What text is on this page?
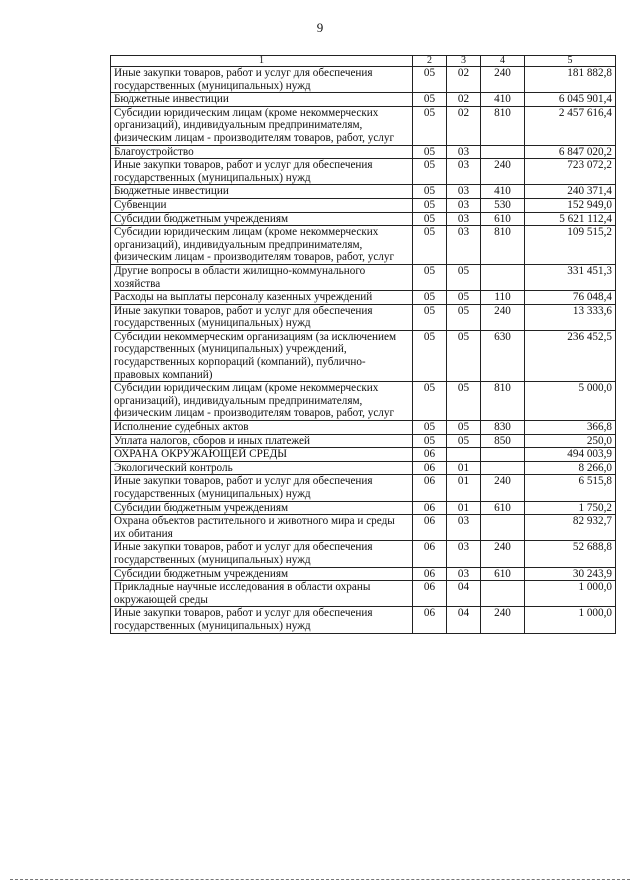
9
1	2	3	4	5
Иные закупки товаров, работ и услуг для обеспечения государственных (муниципальных) нужд	05	02	240	181 882,8
Бюджетные инвестиции	05	02	410	6 045 901,4
Субсидии юридическим лицам (кроме некоммерческих организаций), индивидуальным предпринимателям, физическим лицам - производителям товаров, работ, услуг	05	02	810	2 457 616,4
Благоустройство	05	03		6 847 020,2
Иные закупки товаров, работ и услуг для обеспечения государственных (муниципальных) нужд	05	03	240	723 072,2
Бюджетные инвестиции	05	03	410	240 371,4
Субвенции	05	03	530	152 949,0
Субсидии бюджетным учреждениям	05	03	610	5 621 112,4
Субсидии юридическим лицам (кроме некоммерческих организаций), индивидуальным предпринимателям, физическим лицам - производителям товаров, работ, услуг	05	03	810	109 515,2
Другие вопросы в области жилищно-коммунального хозяйства	05	05		331 451,3
Расходы на выплаты персоналу казенных учреждений	05	05	110	76 048,4
Иные закупки товаров, работ и услуг для обеспечения государственных (муниципальных) нужд	05	05	240	13 333,6
Субсидии некоммерческим организациям (за исключением государственных (муниципальных) учреждений, государственных корпораций (компаний), публично-правовых компаний)	05	05	630	236 452,5
Субсидии юридическим лицам (кроме некоммерческих организаций), индивидуальным предпринимателям, физическим лицам - производителям товаров, работ, услуг	05	05	810	5 000,0
Исполнение судебных актов	05	05	830	366,8
Уплата налогов, сборов и иных платежей	05	05	850	250,0
ОХРАНА ОКРУЖАЮЩЕЙ СРЕДЫ	06			494 003,9
Экологический контроль	06	01		8 266,0
Иные закупки товаров, работ и услуг для обеспечения государственных (муниципальных) нужд	06	01	240	6 515,8
Субсидии бюджетным учреждениям	06	01	610	1 750,2
Охрана объектов растительного и животного мира и среды их обитания	06	03		82 932,7
Иные закупки товаров, работ и услуг для обеспечения государственных (муниципальных) нужд	06	03	240	52 688,8
Субсидии бюджетным учреждениям	06	03	610	30 243,9
Прикладные научные исследования в области охраны окружающей среды	06	04		1 000,0
Иные закупки товаров, работ и услуг для обеспечения государственных (муниципальных) нужд	06	04	240	1 000,0
